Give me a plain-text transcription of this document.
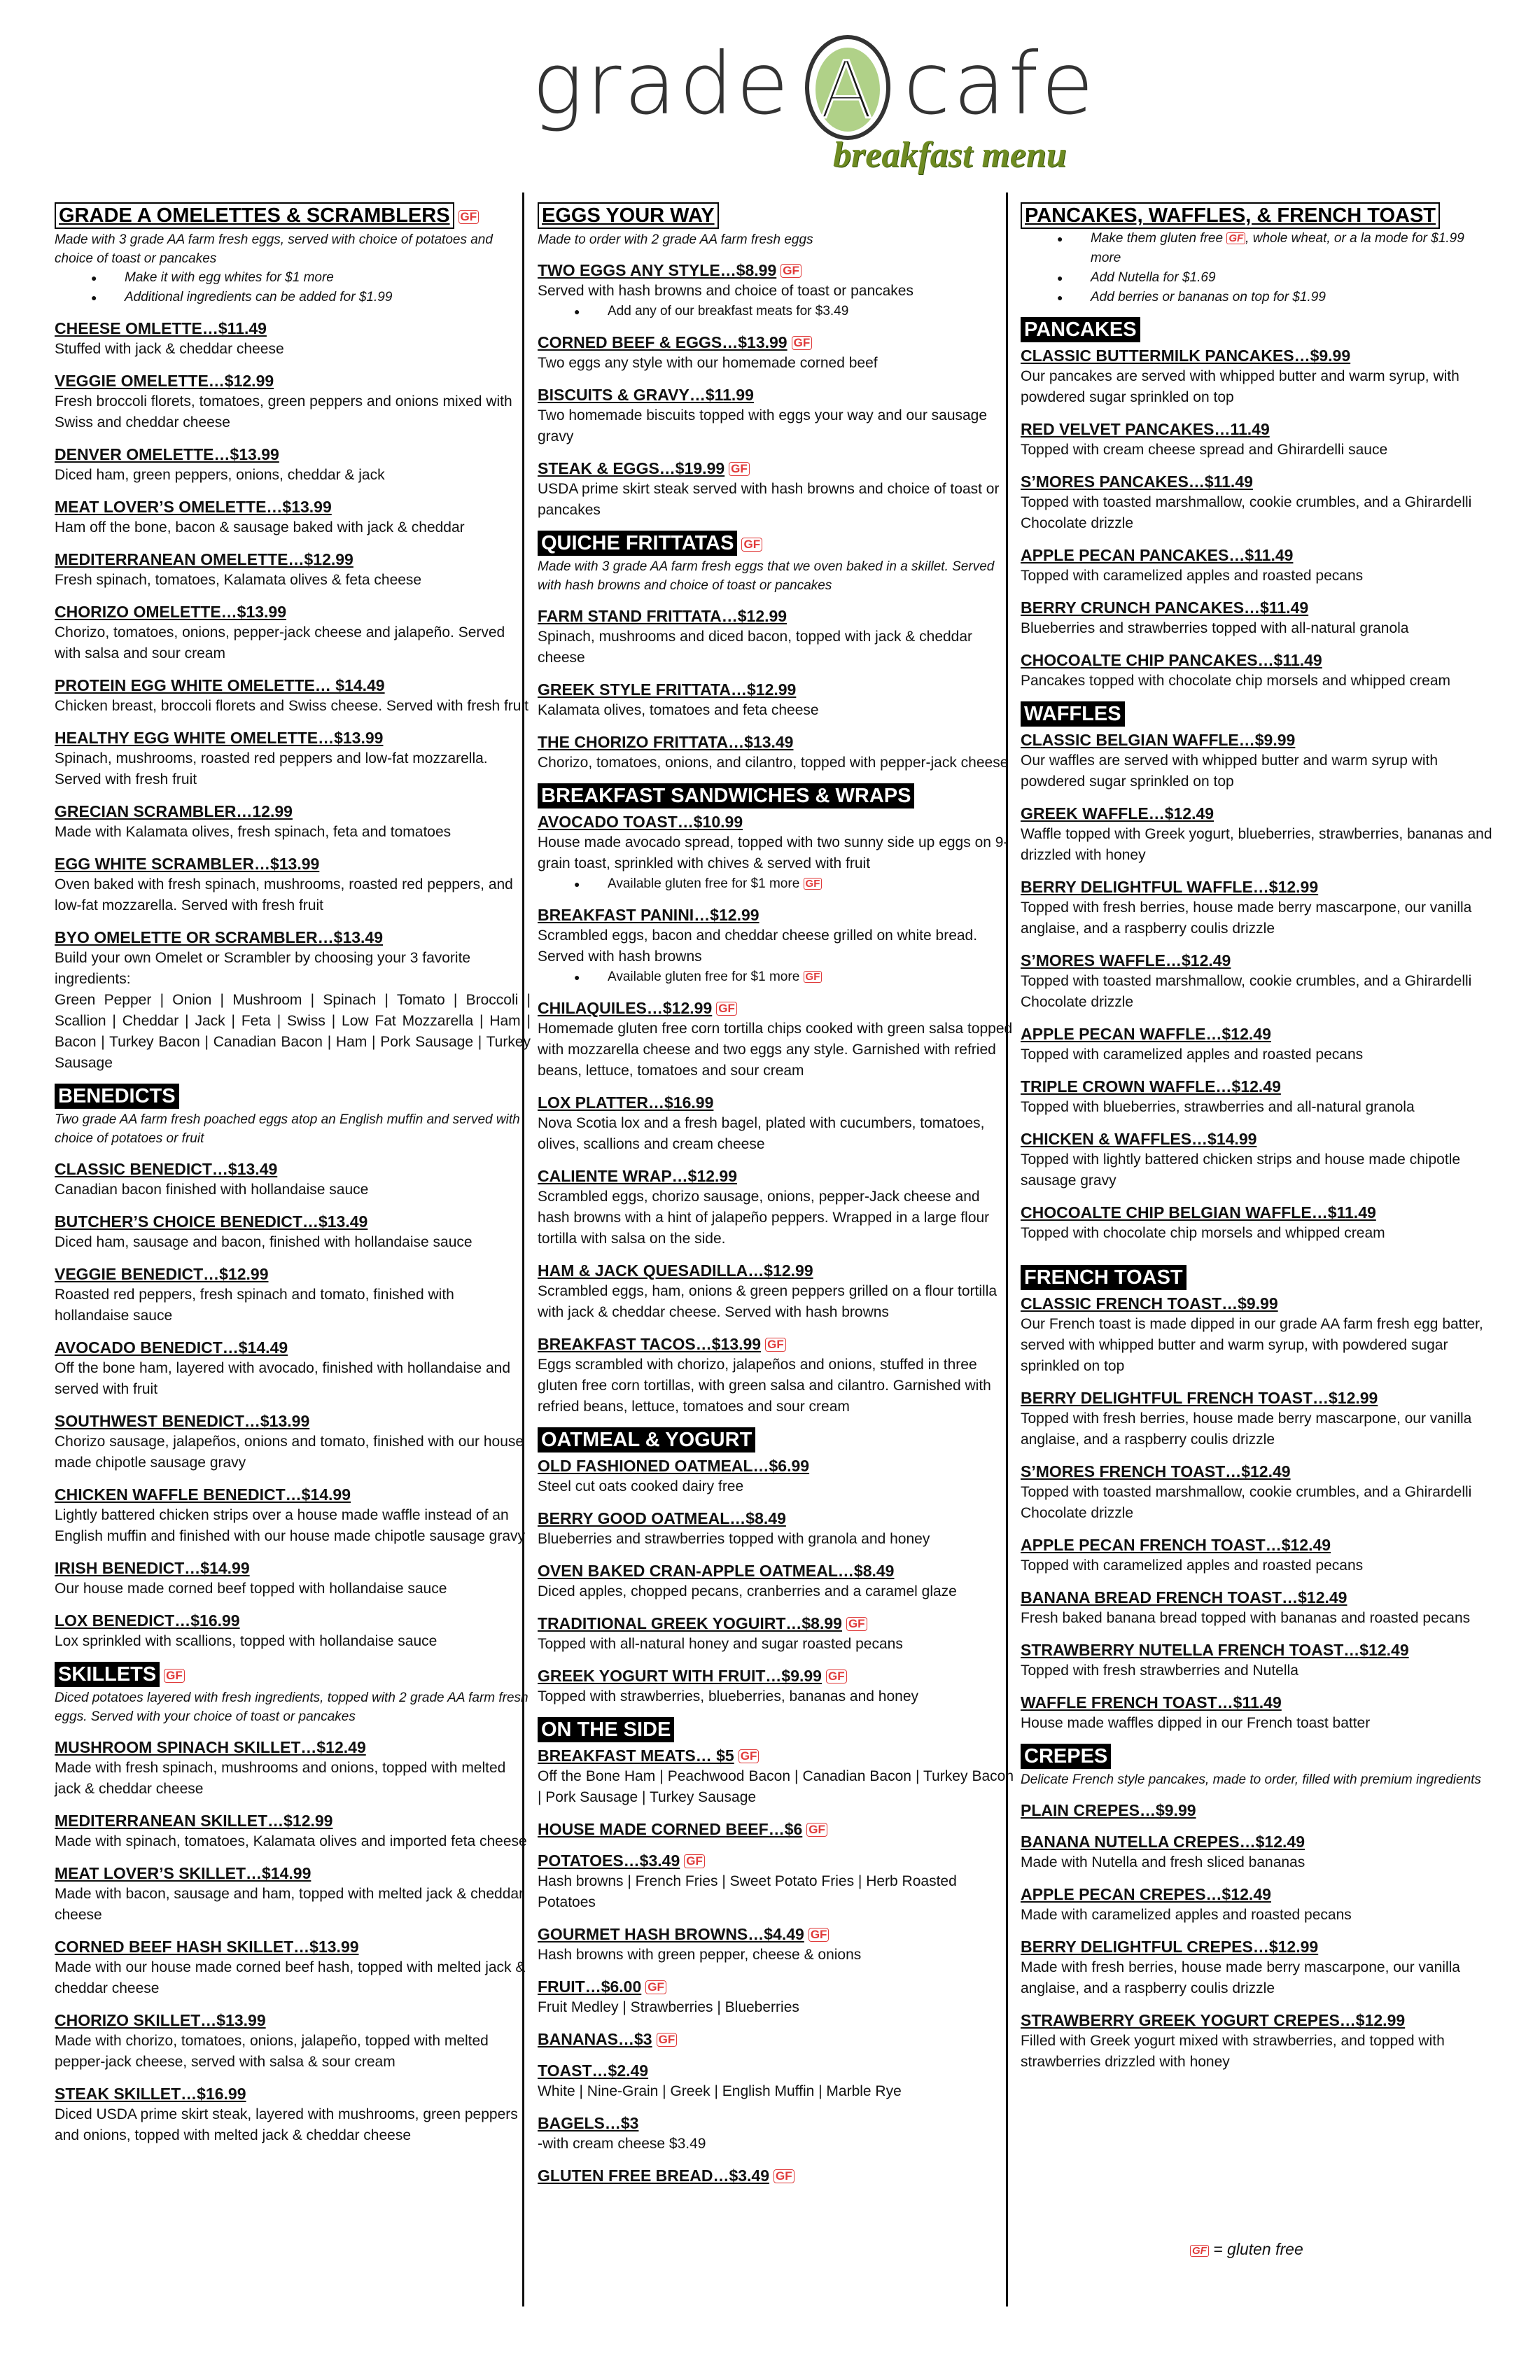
grade A cafe
breakfast menu
GRADE A OMELETTES & SCRAMBLERS GF
Made with 3 grade AA farm fresh eggs, served with choice of potatoes and choice of toast or pancakes
● Make it with egg whites for $1 more
● Additional ingredients can be added for $1.99
CHEESE OMLETTE…$11.49
Stuffed with jack & cheddar cheese
VEGGIE OMELETTE…$12.99
Fresh broccoli florets, tomatoes, green peppers and onions mixed with Swiss and cheddar cheese
DENVER OMELETTE…$13.99
Diced ham, green peppers, onions, cheddar & jack
MEAT LOVER’S OMELETTE…$13.99
Ham off the bone, bacon & sausage baked with jack & cheddar
MEDITERRANEAN OMELETTE…$12.99
Fresh spinach, tomatoes, Kalamata olives & feta cheese
CHORIZO OMELETTE…$13.99
Chorizo, tomatoes, onions, pepper-jack cheese and jalapeño. Served with salsa and sour cream
PROTEIN EGG WHITE OMELETTE… $14.49
Chicken breast, broccoli florets and Swiss cheese. Served with fresh fruit
HEALTHY EGG WHITE OMELETTE…$13.99
Spinach, mushrooms, roasted red peppers and low-fat mozzarella. Served with fresh fruit
GRECIAN SCRAMBLER…12.99
Made with Kalamata olives, fresh spinach, feta and tomatoes
EGG WHITE SCRAMBLER…$13.99
Oven baked with fresh spinach, mushrooms, roasted red peppers, and low-fat mozzarella. Served with fresh fruit
BYO OMELETTE OR SCRAMBLER…$13.49
Build your own Omelet or Scrambler by choosing your 3 favorite ingredients:
Green Pepper | Onion | Mushroom | Spinach | Tomato | Broccoli | Scallion | Cheddar | Jack | Feta | Swiss | Low Fat Mozzarella | Ham | Bacon | Turkey Bacon | Canadian Bacon | Ham | Pork Sausage | Turkey Sausage
BENEDICTS
Two grade AA farm fresh poached eggs atop an English muffin and served with choice of potatoes or fruit
CLASSIC BENEDICT…$13.49
Canadian bacon finished with hollandaise sauce
BUTCHER’S CHOICE BENEDICT…$13.49
Diced ham, sausage and bacon, finished with hollandaise sauce
VEGGIE BENEDICT…$12.99
Roasted red peppers, fresh spinach and tomato, finished with hollandaise sauce
AVOCADO BENEDICT…$14.49
Off the bone ham, layered with avocado, finished with hollandaise and served with fruit
SOUTHWEST BENEDICT…$13.99
Chorizo sausage, jalapeños, onions and tomato, finished with our house made chipotle sausage gravy
CHICKEN WAFFLE BENEDICT…$14.99
Lightly battered chicken strips over a house made waffle instead of an English muffin and finished with our house made chipotle sausage gravy
IRISH BENEDICT…$14.99
Our house made corned beef topped with hollandaise sauce
LOX BENEDICT…$16.99
Lox sprinkled with scallions, topped with hollandaise sauce
SKILLETS GF
Diced potatoes layered with fresh ingredients, topped with 2 grade AA farm fresh eggs. Served with your choice of toast or pancakes
MUSHROOM SPINACH SKILLET…$12.49
Made with fresh spinach, mushrooms and onions, topped with melted jack & cheddar cheese
MEDITERRANEAN SKILLET…$12.99
Made with spinach, tomatoes, Kalamata olives and imported feta cheese
MEAT LOVER’S SKILLET…$14.99
Made with bacon, sausage and ham, topped with melted jack & cheddar cheese
CORNED BEEF HASH SKILLET…$13.99
Made with our house made corned beef hash, topped with melted jack & cheddar cheese
CHORIZO SKILLET…$13.99
Made with chorizo, tomatoes, onions, jalapeño, topped with melted pepper-jack cheese, served with salsa & sour cream
STEAK SKILLET…$16.99
Diced USDA prime skirt steak, layered with mushrooms, green peppers and onions, topped with melted jack & cheddar cheese
EGGS YOUR WAY
Made to order with 2 grade AA farm fresh eggs
TWO EGGS ANY STYLE…$8.99 GF
Served with hash browns and choice of toast or pancakes
● Add any of our breakfast meats for $3.49
CORNED BEEF & EGGS…$13.99 GF
Two eggs any style with our homemade corned beef
BISCUITS & GRAVY…$11.99
Two homemade biscuits topped with eggs your way and our sausage gravy
STEAK & EGGS…$19.99 GF
USDA prime skirt steak served with hash browns and choice of toast or pancakes
QUICHE FRITTATAS GF
Made with 3 grade AA farm fresh eggs that we oven baked in a skillet. Served with hash browns and choice of toast or pancakes
FARM STAND FRITTATA…$12.99
Spinach, mushrooms and diced bacon, topped with jack & cheddar cheese
GREEK STYLE FRITTATA…$12.99
Kalamata olives, tomatoes and feta cheese
THE CHORIZO FRITTATA…$13.49
Chorizo, tomatoes, onions, and cilantro, topped with pepper-jack cheese
BREAKFAST SANDWICHES & WRAPS
AVOCADO TOAST…$10.99
House made avocado spread, topped with two sunny side up eggs on 9-grain toast, sprinkled with chives & served with fruit
● Available gluten free for $1 more GF
BREAKFAST PANINI…$12.99
Scrambled eggs, bacon and cheddar cheese grilled on white bread. Served with hash browns
● Available gluten free for $1 more GF
CHILAQUILES…$12.99 GF
Homemade gluten free corn tortilla chips cooked with green salsa topped with mozzarella cheese and two eggs any style. Garnished with refried beans, lettuce, tomatoes and sour cream
LOX PLATTER…$16.99
Nova Scotia lox and a fresh bagel, plated with cucumbers, tomatoes, olives, scallions and cream cheese
CALIENTE WRAP…$12.99
Scrambled eggs, chorizo sausage, onions, pepper-Jack cheese and hash browns with a hint of jalapeño peppers. Wrapped in a large flour tortilla with salsa on the side.
HAM & JACK QUESADILLA…$12.99
Scrambled eggs, ham, onions & green peppers grilled on a flour tortilla with jack & cheddar cheese. Served with hash browns
BREAKFAST TACOS…$13.99 GF
Eggs scrambled with chorizo, jalapeños and onions, stuffed in three gluten free corn tortillas, with green salsa and cilantro. Garnished with refried beans, lettuce, tomatoes and sour cream
OATMEAL & YOGURT
OLD FASHIONED OATMEAL…$6.99
Steel cut oats cooked dairy free
BERRY GOOD OATMEAL…$8.49
Blueberries and strawberries topped with granola and honey
OVEN BAKED CRAN-APPLE OATMEAL…$8.49
Diced apples, chopped pecans, cranberries and a caramel glaze
TRADITIONAL GREEK YOGUIRT…$8.99 GF
Topped with all-natural honey and sugar roasted pecans
GREEK YOGURT WITH FRUIT…$9.99 GF
Topped with strawberries, blueberries, bananas and honey
ON THE SIDE
BREAKFAST MEATS… $5 GF
Off the Bone Ham | Peachwood Bacon | Canadian Bacon | Turkey Bacon | Pork Sausage | Turkey Sausage
HOUSE MADE CORNED BEEF…$6 GF
POTATOES…$3.49 GF
Hash browns | French Fries | Sweet Potato Fries | Herb Roasted Potatoes
GOURMET HASH BROWNS…$4.49 GF
Hash browns with green pepper, cheese & onions
FRUIT…$6.00 GF
Fruit Medley | Strawberries | Blueberries
BANANAS…$3 GF
TOAST…$2.49
White | Nine-Grain | Greek | English Muffin | Marble Rye
BAGELS…$3
-with cream cheese $3.49
GLUTEN FREE BREAD…$3.49 GF
PANCAKES, WAFFLES, & FRENCH TOAST
● Make them gluten free GF , whole wheat, or a la mode for $1.99 more
● Add Nutella for $1.69
● Add berries or bananas on top for $1.99
PANCAKES
CLASSIC BUTTERMILK PANCAKES…$9.99
Our pancakes are served with whipped butter and warm syrup, with powdered sugar sprinkled on top
RED VELVET PANCAKES…11.49
Topped with cream cheese spread and Ghirardelli sauce
S’MORES PANCAKES…$11.49
Topped with toasted marshmallow, cookie crumbles, and a Ghirardelli Chocolate drizzle
APPLE PECAN PANCAKES…$11.49
Topped with caramelized apples and roasted pecans
BERRY CRUNCH PANCAKES…$11.49
Blueberries and strawberries topped with all-natural granola
CHOCOALTE CHIP PANCAKES…$11.49
Pancakes topped with chocolate chip morsels and whipped cream
WAFFLES
CLASSIC BELGIAN WAFFLE…$9.99
Our waffles are served with whipped butter and warm syrup with powdered sugar sprinkled on top
GREEK WAFFLE…$12.49
Waffle topped with Greek yogurt, blueberries, strawberries, bananas and drizzled with honey
BERRY DELIGHTFUL WAFFLE…$12.99
Topped with fresh berries, house made berry mascarpone, our vanilla anglaise, and a raspberry coulis drizzle
S’MORES WAFFLE…$12.49
Topped with toasted marshmallow, cookie crumbles, and a Ghirardelli Chocolate drizzle
APPLE PECAN WAFFLE…$12.49
Topped with caramelized apples and roasted pecans
TRIPLE CROWN WAFFLE…$12.49
Topped with blueberries, strawberries and all-natural granola
CHICKEN & WAFFLES…$14.99
Topped with lightly battered chicken strips and house made chipotle sausage gravy
CHOCOALTE CHIP BELGIAN WAFFLE…$11.49
Topped with chocolate chip morsels and whipped cream
FRENCH TOAST
CLASSIC FRENCH TOAST…$9.99
Our French toast is made dipped in our grade AA farm fresh egg batter, served with whipped butter and warm syrup, with powdered sugar sprinkled on top
BERRY DELIGHTFUL FRENCH TOAST…$12.99
Topped with fresh berries, house made berry mascarpone, our vanilla anglaise, and a raspberry coulis drizzle
S’MORES FRENCH TOAST…$12.49
Topped with toasted marshmallow, cookie crumbles, and a Ghirardelli Chocolate drizzle
APPLE PECAN FRENCH TOAST…$12.49
Topped with caramelized apples and roasted pecans
BANANA BREAD FRENCH TOAST…$12.49
Fresh baked banana bread topped with bananas and roasted pecans
STRAWBERRY NUTELLA FRENCH TOAST…$12.49
Topped with fresh strawberries and Nutella
WAFFLE FRENCH TOAST…$11.49
House made waffles dipped in our French toast batter
CREPES
Delicate French style pancakes, made to order, filled with premium ingredients
PLAIN CREPES…$9.99
BANANA NUTELLA CREPES…$12.49
Made with Nutella and fresh sliced bananas
APPLE PECAN CREPES…$12.49
Made with caramelized apples and roasted pecans
BERRY DELIGHTFUL CREPES…$12.99
Made with fresh berries, house made berry mascarpone, our vanilla anglaise, and a raspberry coulis drizzle
STRAWBERRY GREEK YOGURT CREPES…$12.99
Filled with Greek yogurt mixed with strawberries, and topped with strawberries drizzled with honey
GF = gluten free
